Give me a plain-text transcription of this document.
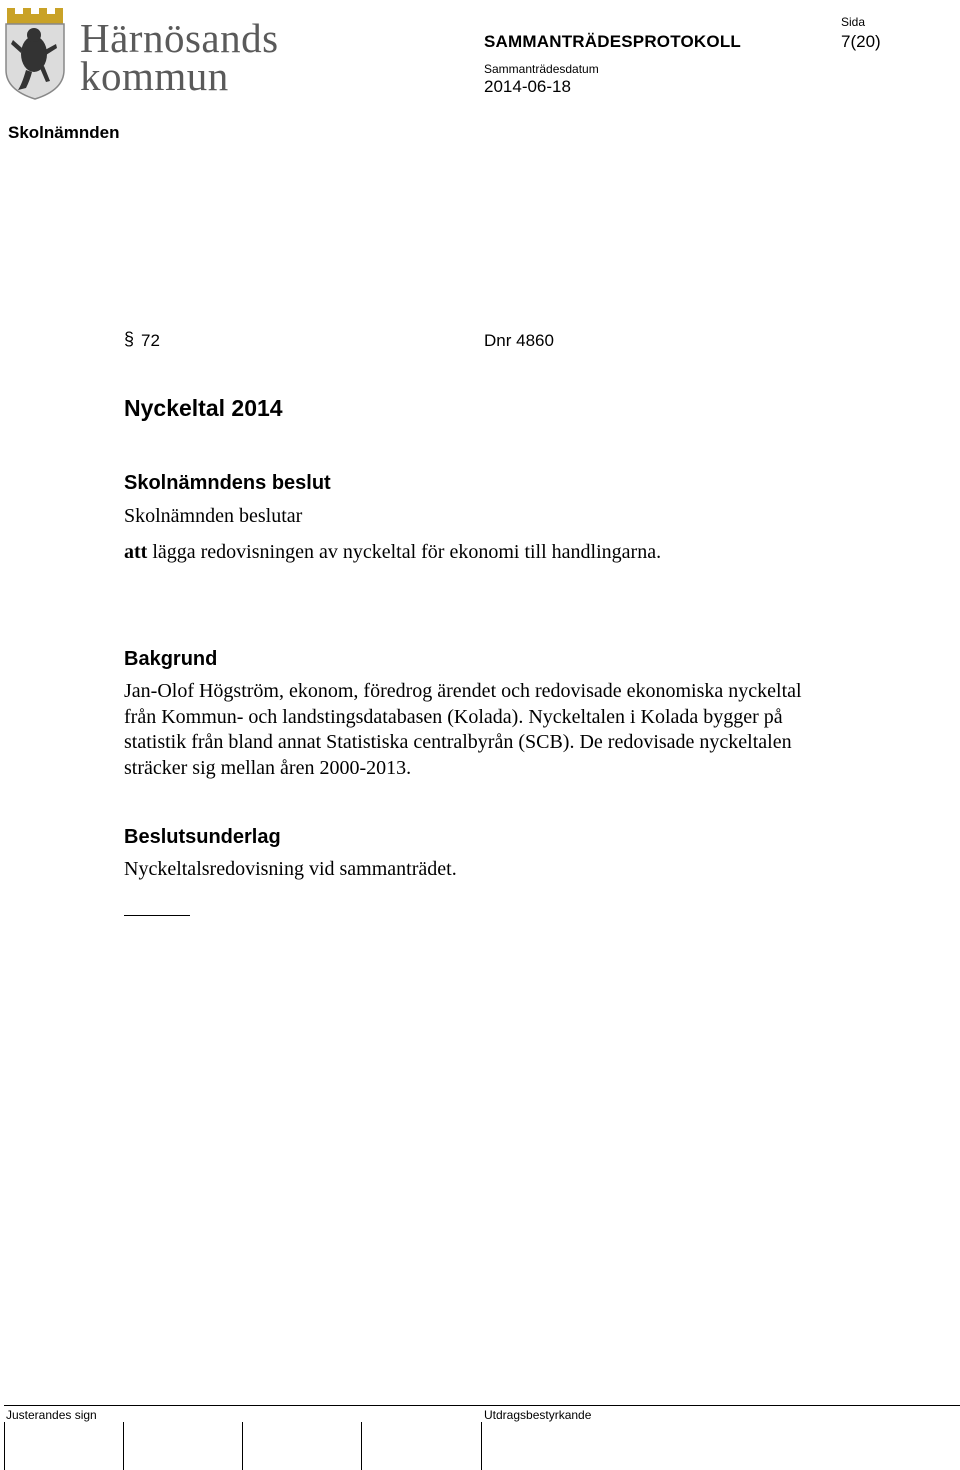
Härnösands
kommun
SAMMANTRÄDESPROTOKOLL
Sammanträdesdatum
2014-06-18
Sida
7(20)
Skolnämnden
§ 72	Dnr 4860
Nyckeltal 2014
Skolnämndens beslut
Skolnämnden beslutar
att lägga redovisningen av nyckeltal för ekonomi till handlingarna.
Bakgrund
Jan-Olof Högström, ekonom, föredrog ärendet och redovisade ekonomiska nyckeltal från Kommun- och landstingsdatabasen (Kolada). Nyckeltalen i Kolada bygger på statistik från bland annat Statistiska centralbyrån (SCB). De redovisade nyckeltalen sträcker sig mellan åren 2000-2013.
Beslutsunderlag
Nyckeltalsredovisning vid sammanträdet.
Justerandes sign	Utdragsbestyrkande
